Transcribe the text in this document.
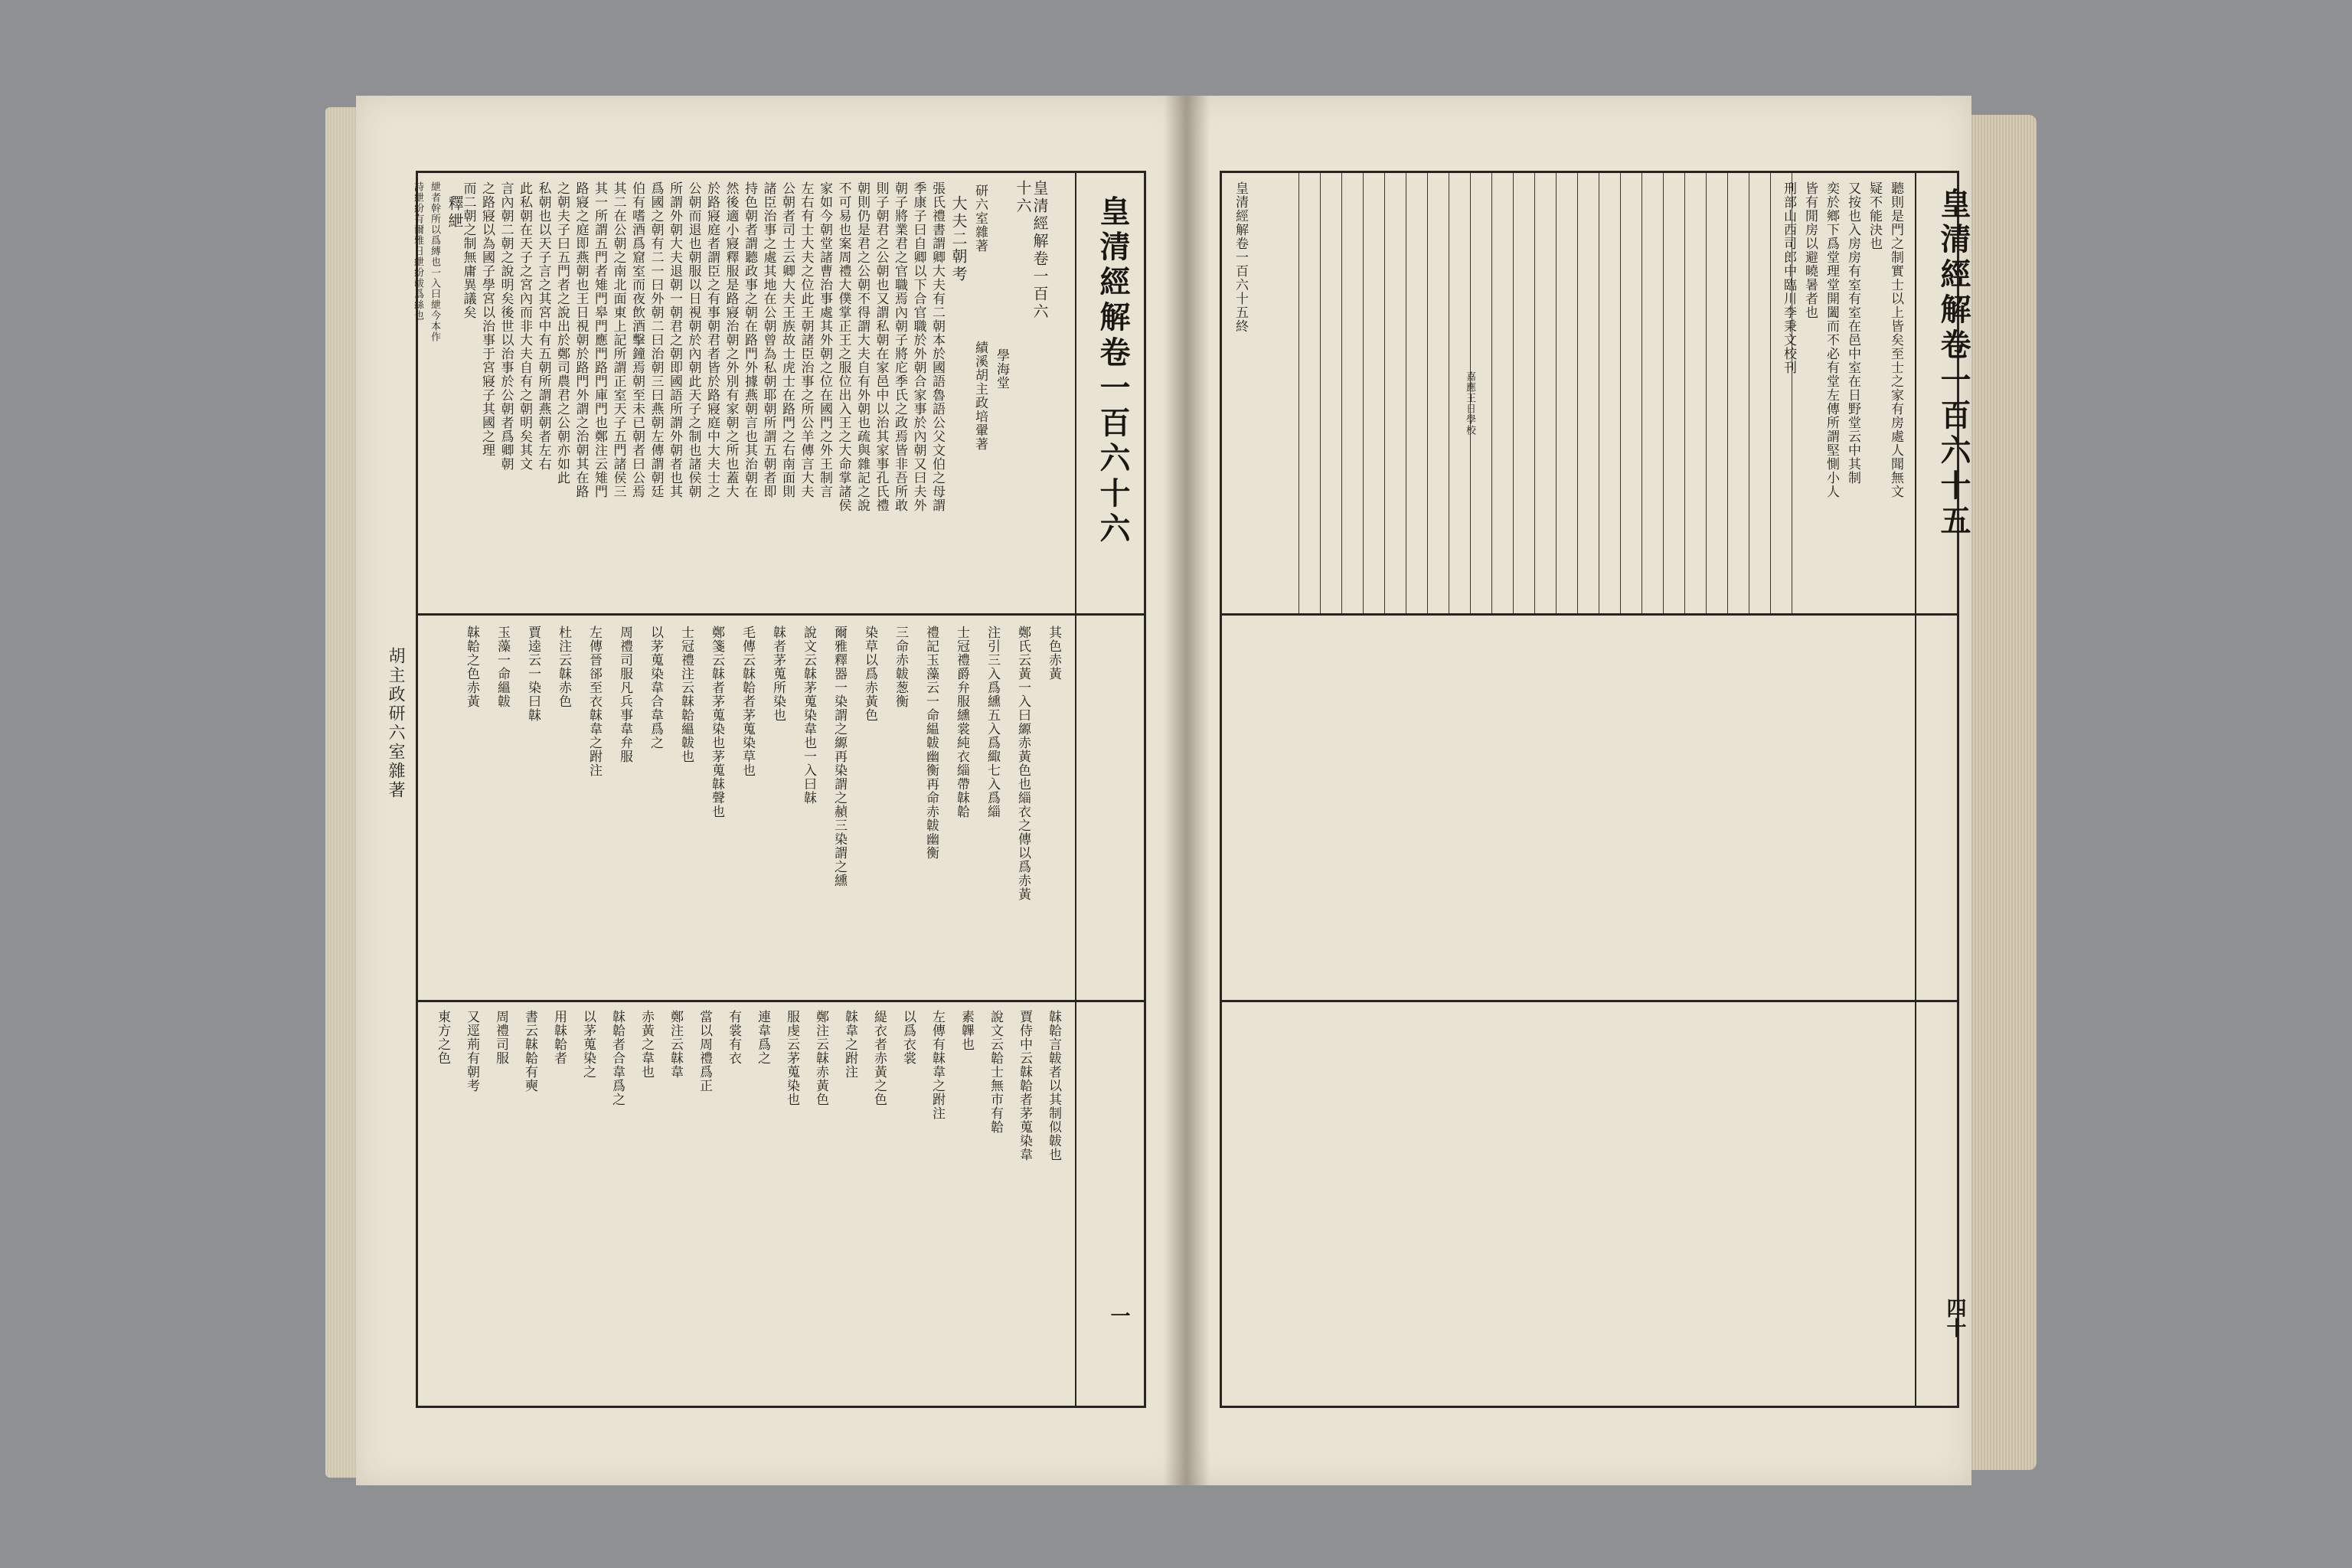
皇清經解卷一百六十六
一
皇清經解卷一百六十六
學海堂
研六室雜著
績溪胡主政培翬著
大夫二朝考
釋紲
胡主政研六室雜著
張氏禮書謂卿大夫有二朝本於國語魯語公父文伯之母謂
季康子曰自卿以下合官職於外朝合家事於內朝又曰夫外
朝子將業君之官職焉內朝子將庀季氏之政焉皆非吾所敢
則子朝君之公朝也又謂私朝在家邑中以治其家事孔氏禮
朝則仍是君之公朝不得謂大夫自有外朝也疏與雜記之說
不可易也案周禮大僕掌正王之服位出入王之大命掌諸侯
家如今朝堂諸曹治事處其外朝之位在國門之外王制言
左右有士大夫之位此王朝諸臣治事之所公羊傳言大夫
公朝者司士云卿大夫王族故士虎士在路門之右南面則
諸臣治事之處其地在公朝曾為私朝耶朝所謂五朝者即
持色朝者謂聽政事之朝在路門外據燕朝言也其治朝在
然後適小寢釋服是路寢治朝之外別有家朝之所也蓋大
於路寢庭者謂臣之有事朝君者皆於路寢庭中大夫士之
公朝而退也朝服以日視朝於內朝此天子之制也諸侯朝
所謂外朝大夫退朝一朝君之朝即國語所謂外朝者也其
爲國之朝有二一曰外朝二曰治朝三曰燕朝左傳謂朝廷
伯有嗜酒爲窟室而夜飲酒擊鐘焉朝至未已朝者曰公焉
其二在公朝之南北面東上記所謂正室天子五門諸侯三
其一所謂五門者雉門皋門應門路門庫門也鄭注云雉門
路寢之庭即燕朝也王日視朝於路門外謂之治朝其在路
之朝夫子曰五門者之說出於鄭司農君之公朝亦如此
私朝也以天子言之其宮中有五朝所謂燕朝者左右
此私朝在天子之宮內而非大夫自有之朝明矣其文
言內朝二朝之說明矣後世以治事於公朝者爲卿朝
之路寢以為國子學宮以治事于宮寢子其國之理
而二朝之制無庸異議矣
紲者幹所以爲縛也一入曰紲今本作
詩紲紛有爾雅日紲紛韍爲絲也
其色赤黃
鄭氏云黃一入曰縓赤黃色也緇衣之傳以爲赤黃
注引三入爲纁五入爲緅七入爲緇
士冠禮爵弁服纁裳純衣緇帶韎韐
禮記玉藻云一命緼韍幽衡再命赤韍幽衡
三命赤韍葱衡
染草以爲赤黃色
爾雅釋器一染謂之縓再染謂之赬三染謂之纁
說文云韎茅蒐染韋也一入曰韎
韎者茅蒐所染也
毛傳云韎韐者茅蒐染草也
鄭箋云韎者茅蒐染也茅蒐韎聲也
士冠禮注云韎韐縕韍也
以茅蒐染韋合韋爲之
周禮司服凡兵事韋弁服
左傳晉郤至衣韎韋之跗注
杜注云韎赤色
賈逵云一染曰韎
玉藻一命縕韍
韎韐之色赤黃
韎韐言韍者以其制似韍也
賈侍中云韎韐者茅蒐染韋
說文云韐士無市有韐
素韠也
左傳有韎韋之跗注
以爲衣裳
緹衣者赤黃之色
韎韋之跗注
鄭注云韎赤黃色
服虔云茅蒐染也
連韋爲之
有裳有衣
當以周禮爲正
鄭注云韎韋
赤黃之韋也
韎韐者合韋爲之
以茅蒐染之
用韎韐者
書云韎韐有奭
周禮司服
又逕荊有朝考
東方之色
皇清經解卷一百六十五
四十
皇清經解卷一百六十五終
嘉應王日學校	聽則是門之制實士以上皆矣至士之家有房處人聞無文
疑不能決也
又按也入房房有室有室在邑中室在日野堂云中其制
奕於鄉下爲堂理堂開闔而不必有堂左傳所謂堅惻小人
皆有閒房以避曉暑者也
刑部山西司郎中臨川李秉文校刊
